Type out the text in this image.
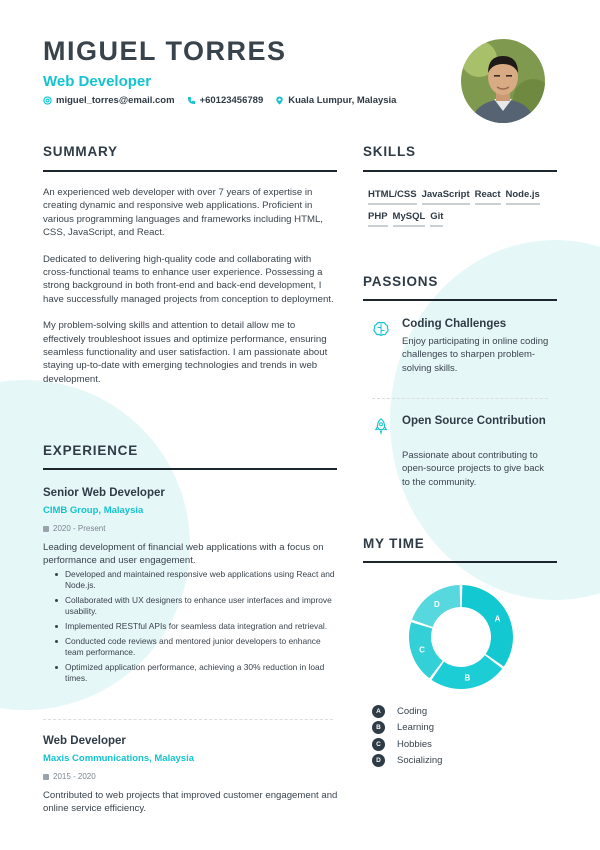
MIGUEL TORRES
Web Developer
miguel_torres@email.com	+60123456789	Kuala Lumpur, Malaysia
SUMMARY

An experienced web developer with over 7 years of expertise in creating dynamic and responsive web applications. Proficient in various programming languages and frameworks including HTML, CSS, JavaScript, and React.

Dedicated to delivering high-quality code and collaborating with cross-functional teams to enhance user experience. Possessing a strong background in both front-end and back-end development, I have successfully managed projects from conception to deployment.

My problem-solving skills and attention to detail allow me to effectively troubleshoot issues and optimize performance, ensuring seamless functionality and user satisfaction. I am passionate about staying up-to-date with emerging technologies and trends in web development.

EXPERIENCE
Senior Web Developer
CIMB Group, Malaysia
2020 - Present
Leading development of financial web applications with a focus on performance and user engagement.
Developed and maintained responsive web applications using React and Node.js.
Collaborated with UX designers to enhance user interfaces and improve usability.
Implemented RESTful APIs for seamless data integration and retrieval.
Conducted code reviews and mentored junior developers to enhance team performance.
Optimized application performance, achieving a 30% reduction in load times.
Web Developer
Maxis Communications, Malaysia
2015 - 2020
Contributed to web projects that improved customer engagement and online service efficiency.
SKILLS
HTML/CSS JavaScript React Node.js
PHP MySQL Git
PASSIONS
Coding Challenges
Enjoy participating in online coding challenges to sharpen problem-solving skills.
Open Source Contribution
Passionate about contributing to open-source projects to give back to the community.
MY TIME
A
B
C
D
A	Coding
B	Learning
C	Hobbies
D	Socializing
